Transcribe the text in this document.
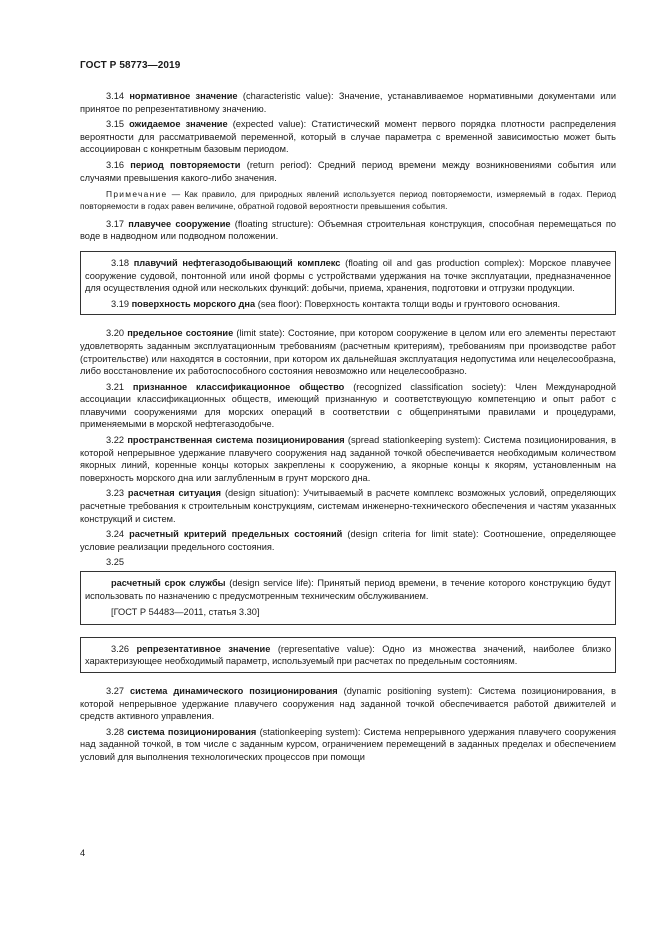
ГОСТ Р 58773—2019

3.14 нормативное значение (characteristic value): Значение, устанавливаемое нормативными документами или принятое по репрезентативному значению.

3.15 ожидаемое значение (expected value): Статистический момент первого порядка плотности распределения вероятности для рассматриваемой переменной, который в случае параметра с временной зависимостью может быть ассоциирован с конкретным базовым периодом.

3.16 период повторяемости (return period): Средний период времени между возникновениями события или случаями превышения какого-либо значения.

Примечание — Как правило, для природных явлений используется период повторяемости, измеряемый в годах. Период повторяемости в годах равен величине, обратной годовой вероятности превышения события.

3.17 плавучее сооружение (floating structure): Объемная строительная конструкция, способная перемещаться по воде в надводном или подводном положении.

3.18 плавучий нефтегазодобывающий комплекс (floating oil and gas production complex): Морское плавучее сооружение судовой, понтонной или иной формы с устройствами удержания на точке эксплуатации, предназначенное для осуществления одной или нескольких функций: добычи, приема, хранения, подготовки и отгрузки продукции.

3.19 поверхность морского дна (sea floor): Поверхность контакта толщи воды и грунтового основания.

3.20 предельное состояние (limit state): Состояние, при котором сооружение в целом или его элементы перестают удовлетворять заданным эксплуатационным требованиям (расчетным критериям), требованиям при производстве работ (строительстве) или находятся в состоянии, при котором их дальнейшая эксплуатация недопустима или нецелесообразна, либо восстановление их работоспособного состояния невозможно или нецелесообразно.

3.21 признанное классификационное общество (recognized classification society): Член Международной ассоциации классификационных обществ, имеющий признанную и соответствующую компетенцию и опыт работ с плавучими сооружениями для морских операций в соответствии с общепринятыми правилами и процедурами, применяемыми в морской нефтегазодобыче.

3.22 пространственная система позиционирования (spread stationkeeping system): Система позиционирования, в которой непрерывное удержание плавучего сооружения над заданной точкой обеспечивается необходимым количеством якорных линий, коренные концы которых закреплены к сооружению, а якорные концы к якорям, установленным на поверхность морского дна или заглубленным в грунт морского дна.

3.23 расчетная ситуация (design situation): Учитываемый в расчете комплекс возможных условий, определяющих расчетные требования к строительным конструкциям, системам инженерно-технического обеспечения и частям указанных конструкций и систем.

3.24 расчетный критерий предельных состояний (design criteria for limit state): Соотношение, определяющее условие реализации предельного состояния.

3.25

расчетный срок службы (design service life): Принятый период времени, в течение которого конструкцию будут использовать по назначению с предусмотренным техническим обслуживанием.

[ГОСТ Р 54483—2011, статья 3.30]

3.26 репрезентативное значение (representative value): Одно из множества значений, наиболее близко характеризующее необходимый параметр, используемый при расчетах по предельным состояниям.

3.27 система динамического позиционирования (dynamic positioning system): Система позиционирования, в которой непрерывное удержание плавучего сооружения над заданной точкой обеспечивается работой движителей и средств активного управления.

3.28 система позиционирования (stationkeeping system): Система непрерывного удержания плавучего сооружения над заданной точкой, в том числе с заданным курсом, ограничением перемещений в заданных пределах и обеспечением условий для выполнения технологических процессов при помощи

4
